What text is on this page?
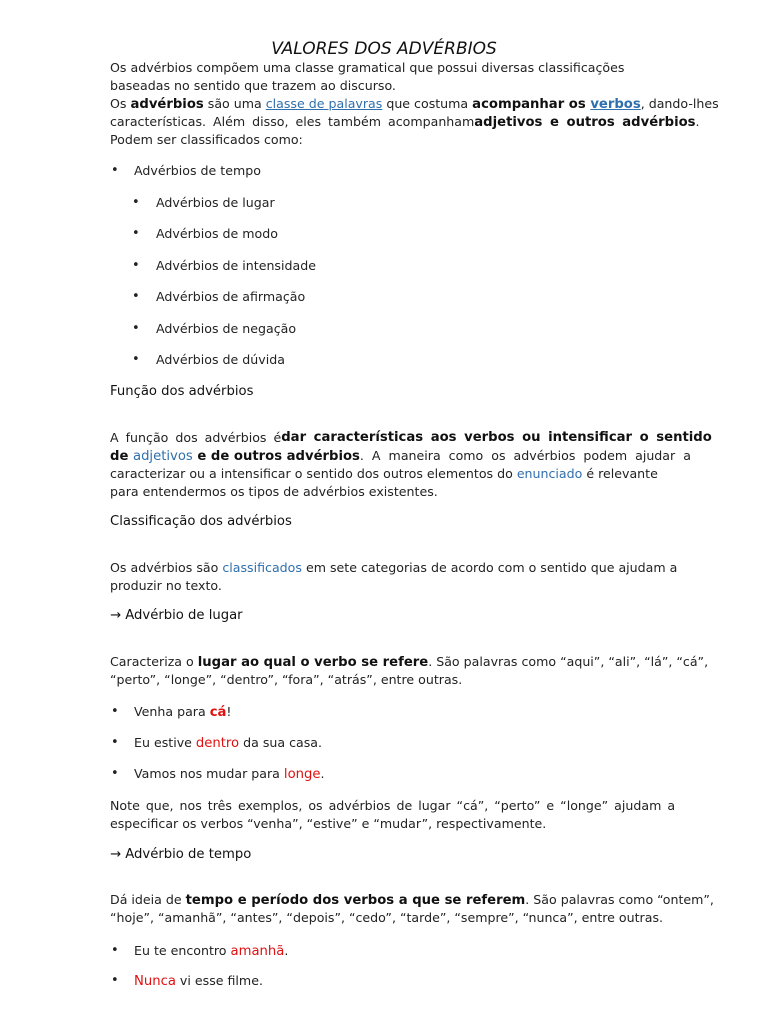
VALORES DOS ADVÉRBIOS
Os advérbios compõem uma classe gramatical que possui diversas classificações
baseadas no sentido que trazem ao discurso.
Os advérbios são uma classe de palavras que costuma acompanhar os verbos, dando-lhes
características. Além disso, eles também acompanham adjetivos e outros advérbios.
Podem ser classificados como:
• Advérbios de tempo
• Advérbios de lugar
• Advérbios de modo
• Advérbios de intensidade
• Advérbios de afirmação
• Advérbios de negação
• Advérbios de dúvida
Função dos advérbios
A função dos advérbios é dar características aos verbos ou intensificar o sentido
de adjetivos e de outros advérbios . A maneira como os advérbios podem ajudar a
caracterizar ou a intensificar o sentido dos outros elementos do enunciado é relevante
para entendermos os tipos de advérbios existentes.
Classificação dos advérbios
Os advérbios são classificados em sete categorias de acordo com o sentido que ajudam a
produzir no texto.
→ Advérbio de lugar
Caracteriza o lugar ao qual o verbo se refere. São palavras como “aqui”, “ali”, “lá”, “cá”,
“perto”, “longe”, “dentro”, “fora”, “atrás”, entre outras.
• Venha para cá!
• Eu estive dentro da sua casa.
• Vamos nos mudar para longe.
Note que, nos três exemplos, os advérbios de lugar “cá”, “perto” e “longe” ajudam a
especificar os verbos “venha”, “estive” e “mudar”, respectivamente.
→ Advérbio de tempo
Dá ideia de tempo e período dos verbos a que se referem. São palavras como “ontem”,
“hoje”, “amanhã”, “antes”, “depois”, “cedo”, “tarde”, “sempre”, “nunca”, entre outras.
• Eu te encontro amanhã.
• Nunca vi esse filme.
